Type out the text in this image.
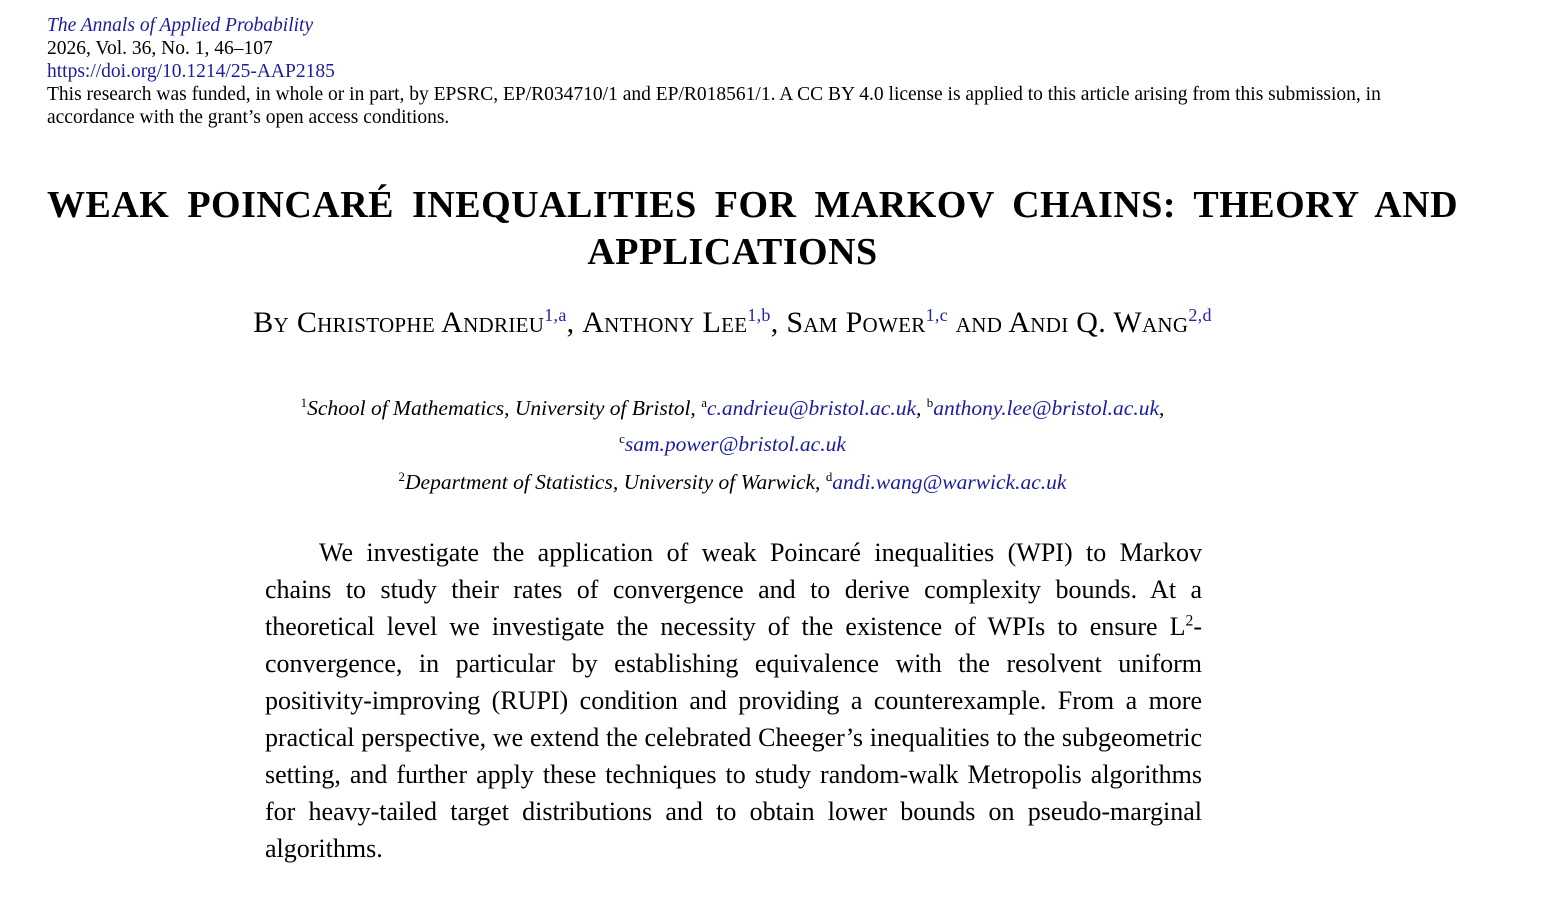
The Annals of Applied Probability
2026, Vol. 36, No. 1, 46–107
https://doi.org/10.1214/25-AAP2185
This research was funded, in whole or in part, by EPSRC, EP/R034710/1 and EP/R018561/1. A CC BY 4.0 license is applied to this article arising from this submission, in accordance with the grant’s open access conditions.
WEAK POINCARÉ INEQUALITIES FOR MARKOV CHAINS: THEORY AND
APPLICATIONS
By Christophe Andrieu$^{1,a}$, Anthony Lee$^{1,b}$, Sam Power$^{1,c}$ and Andi Q. Wang$^{2,d}$
$^1$School of Mathematics, University of Bristol, $^a$c.andrieu@bristol.ac.uk, $^b$anthony.lee@bristol.ac.uk,
$^c$sam.power@bristol.ac.uk
$^2$Department of Statistics, University of Warwick, $^d$andi.wang@warwick.ac.uk
We investigate the application of weak Poincaré inequalities (WPI) to Markov chains to study their rates of convergence and to derive complexity bounds. At a theoretical level we investigate the necessity of the existence of WPIs to ensure $L^2$-convergence, in particular by establishing equivalence with the resolvent uniform positivity-improving (RUPI) condition and providing a counterexample. From a more practical perspective, we extend the celebrated Cheeger’s inequalities to the subgeometric setting, and further apply these techniques to study random-walk Metropolis algorithms for heavy-tailed target distributions and to obtain lower bounds on pseudo-marginal algorithms.
